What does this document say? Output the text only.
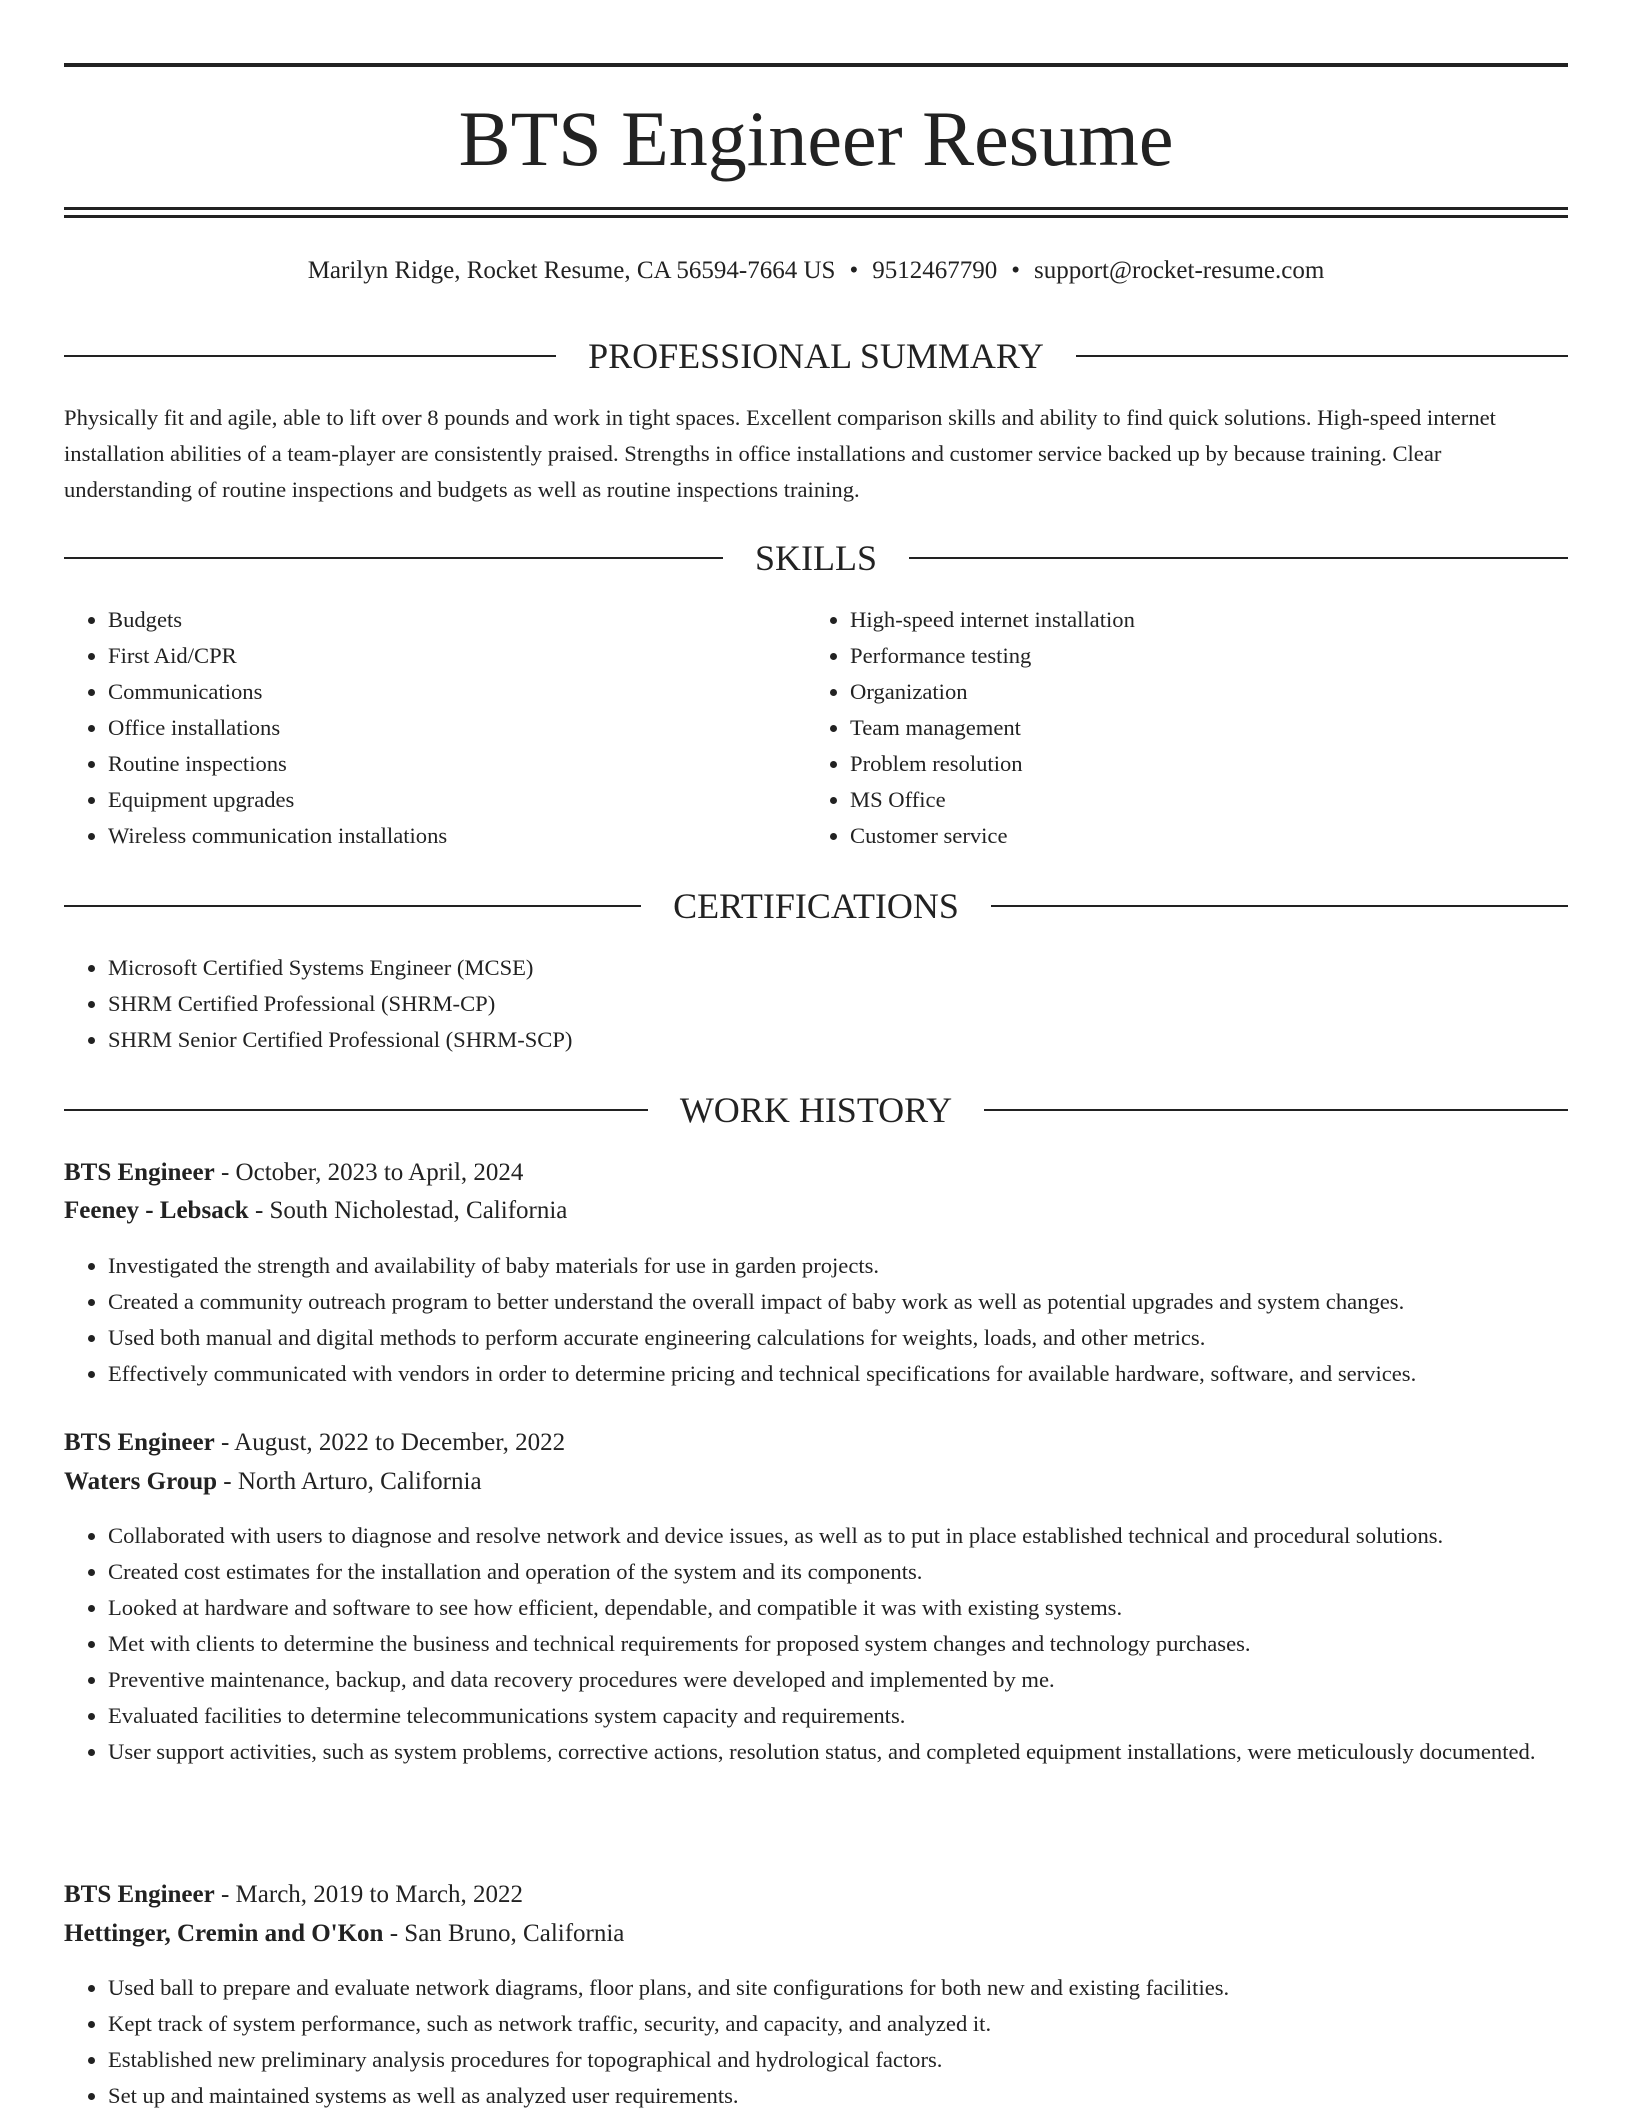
BTS Engineer Resume
Marilyn Ridge, Rocket Resume, CA 56594-7664 US • 9512467790 • support@rocket-resume.com
PROFESSIONAL SUMMARY

Physically fit and agile, able to lift over 8 pounds and work in tight spaces. Excellent comparison skills and ability to find quick solutions. High-speed internet installation abilities of a team-player are consistently praised. Strengths in office installations and customer service backed up by because training. Clear understanding of routine inspections and budgets as well as routine inspections training.

SKILLS
• Budgets
• First Aid/CPR
• Communications
• Office installations
• Routine inspections
• Equipment upgrades
• Wireless communication installations
• High-speed internet installation
• Performance testing
• Organization
• Team management
• Problem resolution
• MS Office
• Customer service
CERTIFICATIONS
• Microsoft Certified Systems Engineer (MCSE)
• SHRM Certified Professional (SHRM-CP)
• SHRM Senior Certified Professional (SHRM-SCP)
WORK HISTORY
BTS Engineer - October, 2023 to April, 2024
Feeney - Lebsack - South Nicholestad, California
• Investigated the strength and availability of baby materials for use in garden projects.
• Created a community outreach program to better understand the overall impact of baby work as well as potential upgrades and system changes.
• Used both manual and digital methods to perform accurate engineering calculations for weights, loads, and other metrics.
• Effectively communicated with vendors in order to determine pricing and technical specifications for available hardware, software, and services.
BTS Engineer - August, 2022 to December, 2022
Waters Group - North Arturo, California
• Collaborated with users to diagnose and resolve network and device issues, as well as to put in place established technical and procedural solutions.
• Created cost estimates for the installation and operation of the system and its components.
• Looked at hardware and software to see how efficient, dependable, and compatible it was with existing systems.
• Met with clients to determine the business and technical requirements for proposed system changes and technology purchases.
• Preventive maintenance, backup, and data recovery procedures were developed and implemented by me.
• Evaluated facilities to determine telecommunications system capacity and requirements.
• User support activities, such as system problems, corrective actions, resolution status, and completed equipment installations, were meticulously documented.
BTS Engineer - March, 2019 to March, 2022
Hettinger, Cremin and O'Kon - San Bruno, California
• Used ball to prepare and evaluate network diagrams, floor plans, and site configurations for both new and existing facilities.
• Kept track of system performance, such as network traffic, security, and capacity, and analyzed it.
• Established new preliminary analysis procedures for topographical and hydrological factors.
• Set up and maintained systems as well as analyzed user requirements.
